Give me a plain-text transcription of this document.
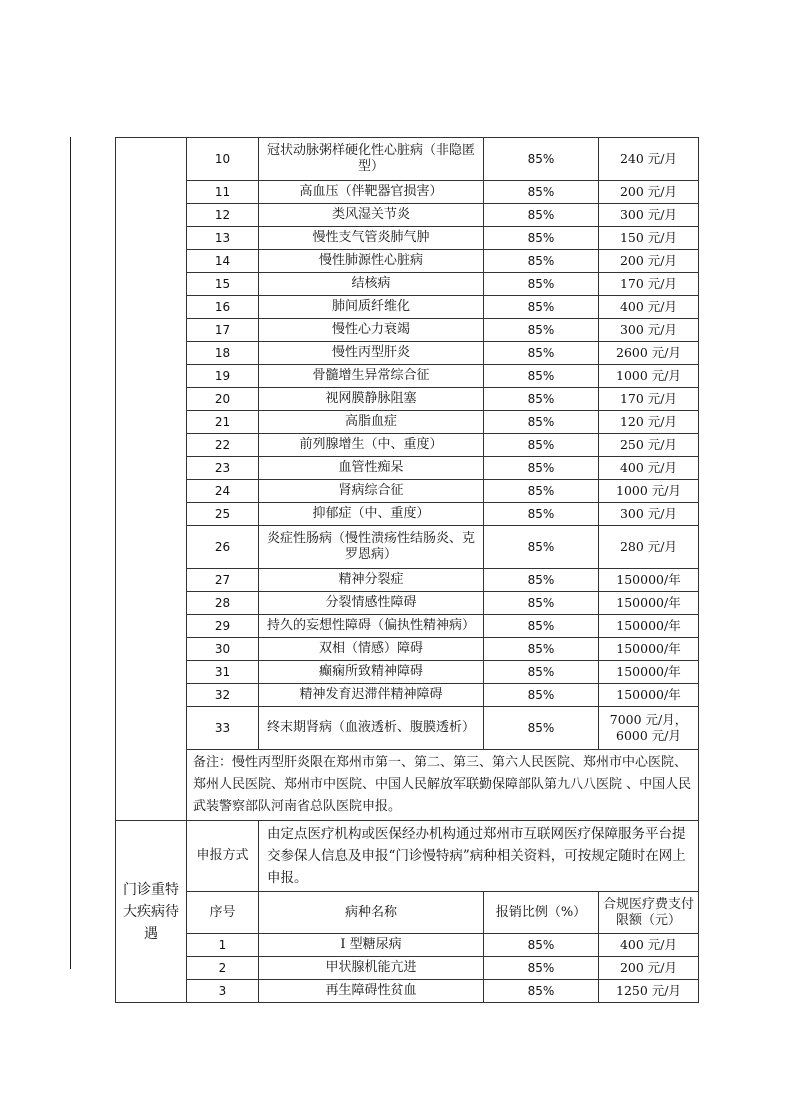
	10	冠状动脉粥样硬化性心脏病（非隐匿型）	85%	240 元/月
	11	高血压（伴靶器官损害）	85%	200 元/月
	12	类风湿关节炎	85%	300 元/月
	13	慢性支气管炎肺气肿	85%	150 元/月
	14	慢性肺源性心脏病	85%	200 元/月
	15	结核病	85%	170 元/月
	16	肺间质纤维化	85%	400 元/月
	17	慢性心力衰竭	85%	300 元/月
	18	慢性丙型肝炎	85%	2600 元/月
	19	骨髓增生异常综合征	85%	1000 元/月
	20	视网膜静脉阻塞	85%	170 元/月
	21	高脂血症	85%	120 元/月
	22	前列腺增生（中、重度）	85%	250 元/月
	23	血管性痴呆	85%	400 元/月
	24	肾病综合征	85%	1000 元/月
	25	抑郁症（中、重度）	85%	300 元/月
	26	炎症性肠病（慢性溃疡性结肠炎、克罗恩病）	85%	280 元/月
	27	精神分裂症	85%	150000/年
	28	分裂情感性障碍	85%	150000/年
	29	持久的妄想性障碍（偏执性精神病）	85%	150000/年
	30	双相（情感）障碍	85%	150000/年
	31	癫痫所致精神障碍	85%	150000/年
	32	精神发育迟滞伴精神障碍	85%	150000/年
	33	终末期肾病（血液透析、腹膜透析）	85%	7000 元/月，6000 元/月
	备注：慢性丙型肝炎限在郑州市第一、第二、第三、第六人民医院、郑州市中心医院、郑州人民医院、郑州市中医院、中国人民解放军联勤保障部队第九八八医院 、中国人民武装警察部队河南省总队医院申报。			
门诊重特大疾病待遇	申报方式	由定点医疗机构或医保经办机构通过郑州市互联网医疗保障服务平台提交参保人信息及申报“门诊慢特病”病种相关资料，可按规定随时在网上申报。		
	序号	病种名称	报销比例（%）	合规医疗费支付限额（元）
	1	I 型糖尿病	85%	400 元/月
	2	甲状腺机能亢进	85%	200 元/月
	3	再生障碍性贫血	85%	1250 元/月
